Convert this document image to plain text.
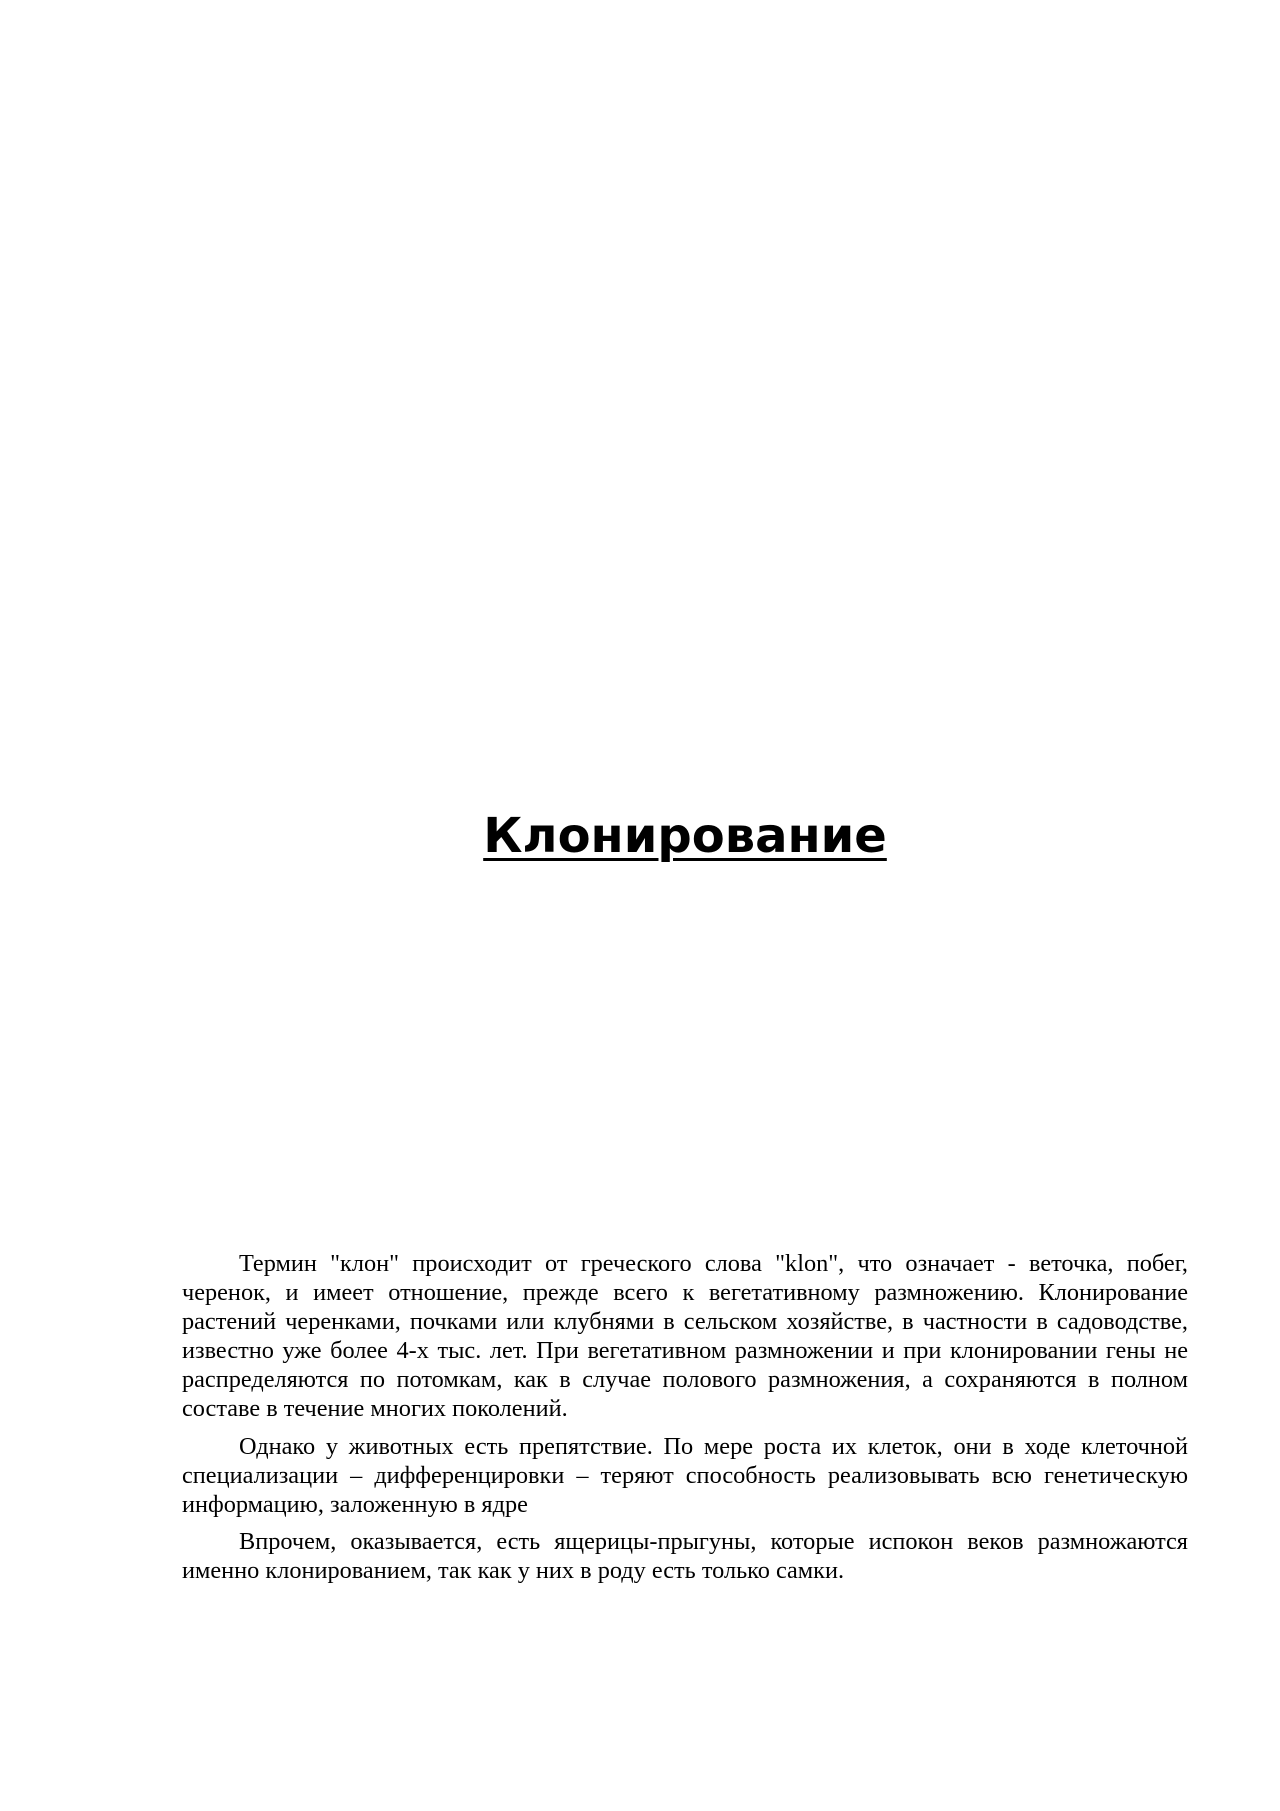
Клонирование

Термин "клон" происходит от греческого слова "klon", что означает - веточка, побег, черенок, и имеет отношение, прежде всего к вегетативному размножению. Клонирование растений черенками, почками или клубнями в сельском хозяйстве, в частности в садоводстве, известно уже более 4-х тыс. лет. При вегетативном размножении и при клонировании гены не распределяются по потомкам, как в случае полового размножения, а сохраняются в полном составе в течение многих поколений.

Однако у животных есть препятствие. По мере роста их клеток, они в ходе клеточной специализации – дифференцировки – теряют способность реализовывать всю генетическую информацию, заложенную в ядре

Впрочем, оказывается, есть ящерицы-прыгуны, которые испокон веков размножаются именно клонированием, так как у них в роду есть только самки.
